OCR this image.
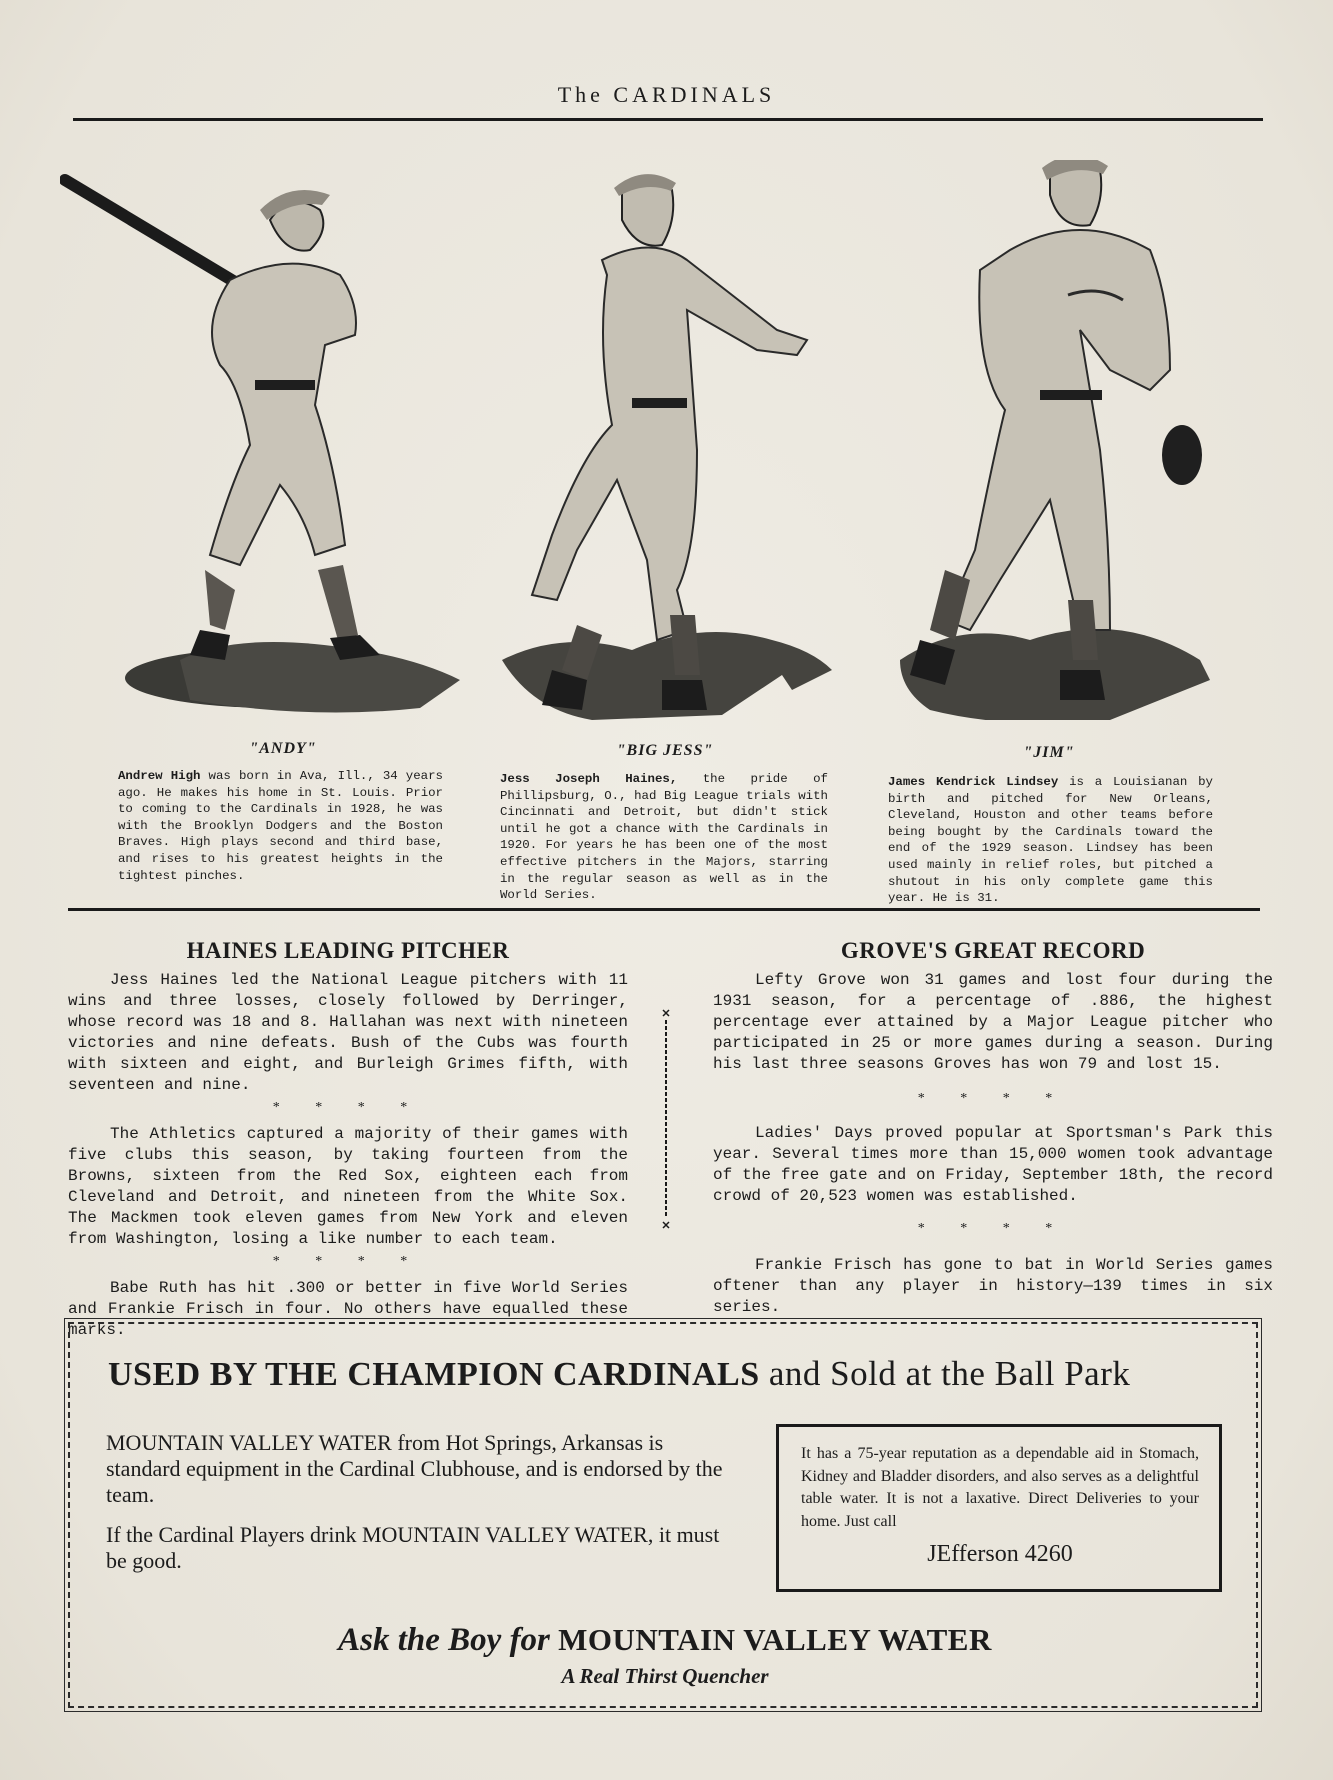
The CARDINALS
"ANDY"
Andrew High was born in Ava, Ill., 34 years ago. He makes his home in St. Louis. Prior to coming to the Cardinals in 1928, he was with the Brooklyn Dodgers and the Boston Braves. High plays second and third base, and rises to his greatest heights in the tightest pinches.
"BIG JESS"
Jess Joseph Haines, the pride of Phillipsburg, O., had Big League trials with Cincinnati and Detroit, but didn't stick until he got a chance with the Cardinals in 1920. For years he has been one of the most effective pitchers in the Majors, starring in the regular season as well as in the World Series.
"JIM"
James Kendrick Lindsey is a Louisianan by birth and pitched for New Orleans, Cleveland, Houston and other teams before being bought by the Cardinals toward the end of the 1929 season. Lindsey has been used mainly in relief roles, but pitched a shutout in his only complete game this year. He is 31.
HAINES LEADING PITCHER

Jess Haines led the National League pitchers with 11 wins and three losses, closely followed by Derringer, whose record was 18 and 8. Hallahan was next with nineteen victories and nine defeats. Bush of the Cubs was fourth with sixteen and eight, and Burleigh Grimes fifth, with seventeen and nine.

* * * *

The Athletics captured a majority of their games with five clubs this season, by taking fourteen from the Browns, sixteen from the Red Sox, eighteen each from Cleveland and Detroit, and nineteen from the White Sox. The Mackmen took eleven games from New York and eleven from Washington, losing a like number to each team.

* * * *

Babe Ruth has hit .300 or better in five World Series and Frankie Frisch in four. No others have equalled these marks.

GROVE'S GREAT RECORD

Lefty Grove won 31 games and lost four during the 1931 season, for a percentage of .886, the highest percentage ever attained by a Major League pitcher who participated in 25 or more games during a season. During his last three seasons Groves has won 79 and lost 15.

* * * *

Ladies' Days proved popular at Sportsman's Park this year. Several times more than 15,000 women took advantage of the free gate and on Friday, September 18th, the record crowd of 20,523 women was established.

* * * *

Frankie Frisch has gone to bat in World Series games oftener than any player in history—139 times in six series.

USED BY THE CHAMPION CARDINALS and Sold at the Ball Park
MOUNTAIN VALLEY WATER from Hot Springs, Arkansas is standard equipment in the Cardinal Clubhouse, and is endorsed by the team.
If the Cardinal Players drink MOUNTAIN VALLEY WATER, it must be good.

It has a 75-year reputation as a dependable aid in Stomach, Kidney and Bladder disorders, and also serves as a delightful table water. It is not a laxative. Direct Deliveries to your home. Just call

JEfferson 4260
Ask the Boy for MOUNTAIN VALLEY WATER
A Real Thirst Quencher
